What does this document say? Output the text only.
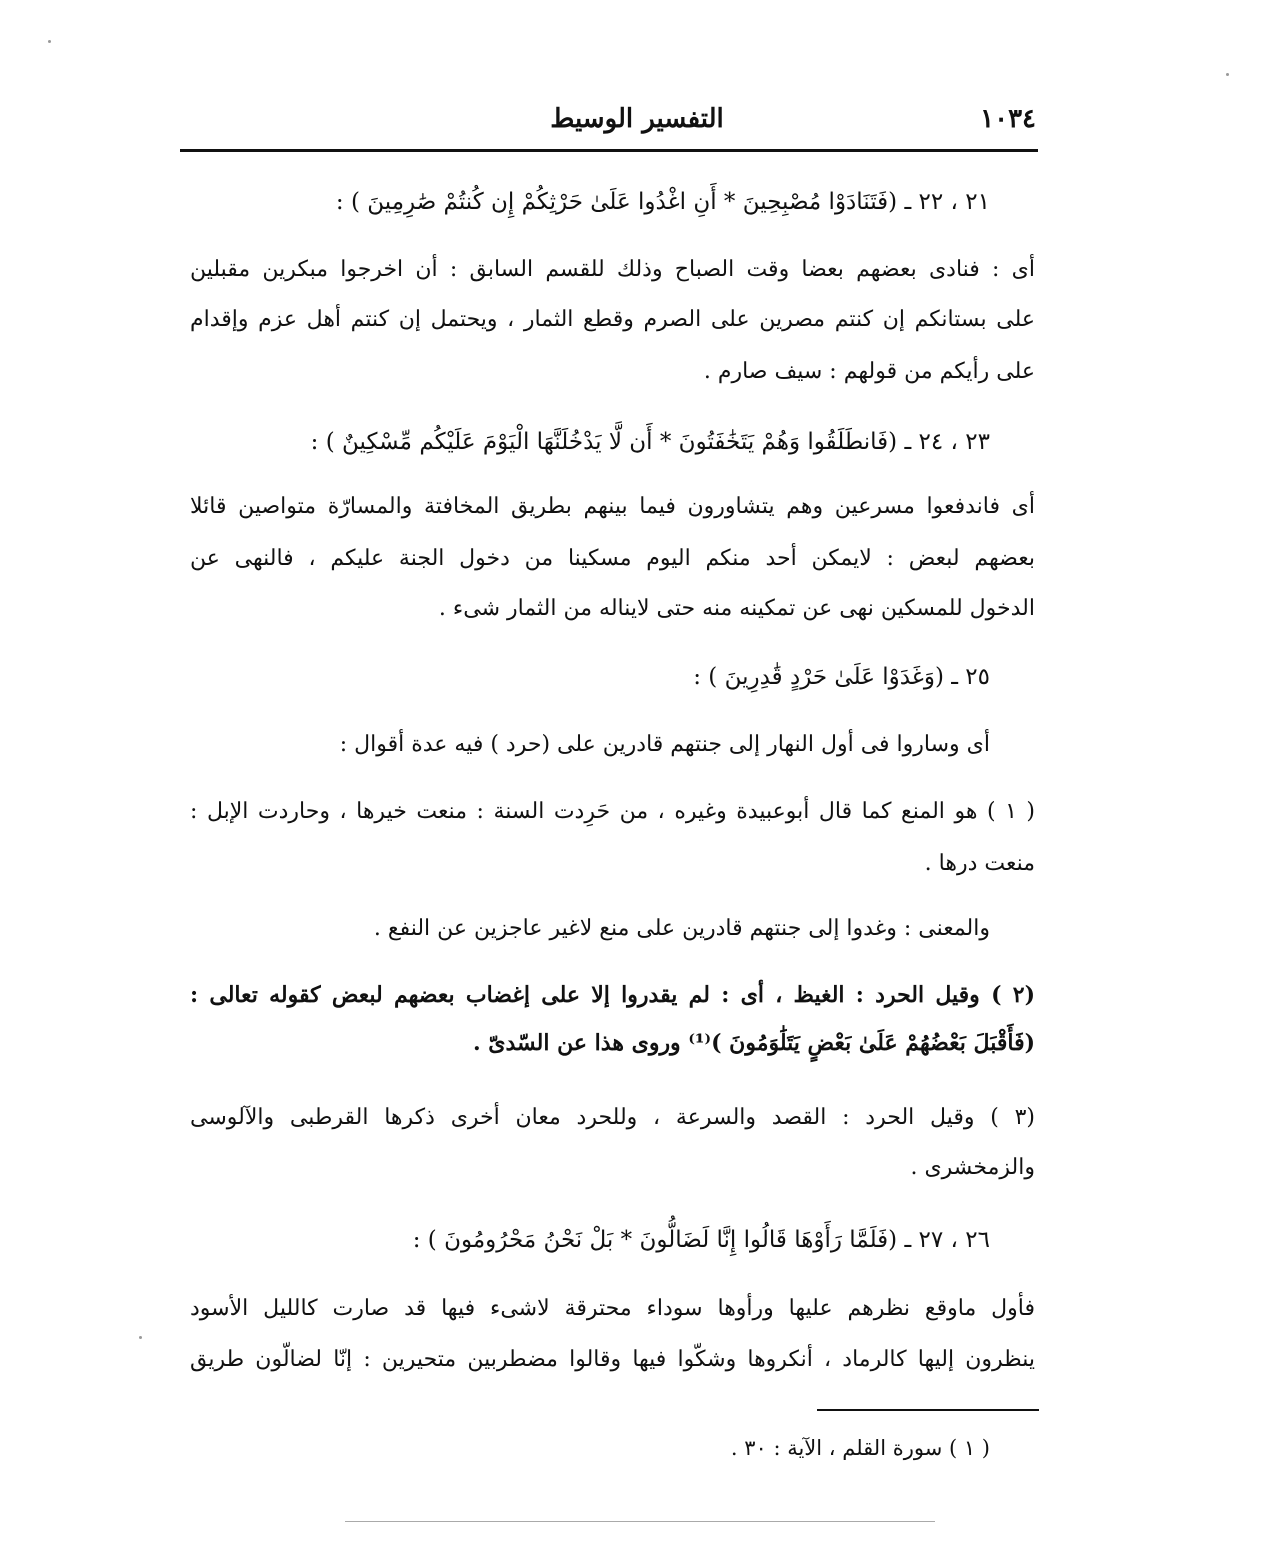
التفسير الوسيط	١٠٣٤
٢١ ، ٢٢ ـ (فَتَنَادَوْا مُصْبِحِينَ * أَنِ اغْدُوا عَلَىٰ حَرْثِكُمْ إِن كُنتُمْ صَٰرِمِينَ ) :
أى : فنادى بعضهم بعضا وقت الصباح وذلك للقسم السابق : أن اخرجوا مبكرين مقبلين
على بستانكم إن كنتم مصرين على الصرم وقطع الثمار ، ويحتمل إن كنتم أهل عزم وإقدام
على رأيكم من قولهم : سيف صارم .
٢٣ ، ٢٤ ـ (فَانطَلَقُوا وَهُمْ يَتَخَٰفَتُونَ * أَن لَّا يَدْخُلَنَّهَا الْيَوْمَ عَلَيْكُم مِّسْكِينٌ ) :
أى فاندفعوا مسرعين وهم يتشاورون فيما بينهم بطريق المخافتة والمسارّة متواصين قائلا
بعضهم لبعض : لايمكن أحد منكم اليوم مسكينا من دخول الجنة عليكم ، فالنهى عن
الدخول للمسكين نهى عن تمكينه منه حتى لايناله من الثمار شىء .
٢٥ ـ (وَغَدَوْا عَلَىٰ حَرْدٍ قَٰدِرِينَ ) :
أى وساروا فى أول النهار إلى جنتهم قادرين على (حرد ) فيه عدة أقوال :
( ١ ) هو المنع كما قال أبوعبيدة وغيره ، من حَرِدت السنة : منعت خيرها ، وحاردت الإبل :
منعت درها .
والمعنى : وغدوا إلى جنتهم قادرين على منع لاغير عاجزين عن النفع .
(٢ ) وقيل الحرد : الغيظ ، أى : لم يقدروا إلا على إغضاب بعضهم لبعض كقوله تعالى :
(فَأَقْبَلَ بَعْضُهُمْ عَلَىٰ بَعْضٍ يَتَلَٰوَمُونَ )⁽¹⁾ وروى هذا عن السّدىّ .
(٣ ) وقيل الحرد : القصد والسرعة ، وللحرد معان أخرى ذكرها القرطبى والآلوسى
والزمخشرى .
٢٦ ، ٢٧ ـ (فَلَمَّا رَأَوْهَا قَالُوا إِنَّا لَضَالُّونَ * بَلْ نَحْنُ مَحْرُومُونَ ) :
فأول ماوقع نظرهم عليها ورأوها سوداء محترقة لاشىء فيها قد صارت كالليل الأسود
ينظرون إليها كالرماد ، أنكروها وشكّوا فيها وقالوا مضطربين متحيرين : إنّا لضالّون طريق
( ١ ) سورة القلم ، الآية : ٣٠ .
